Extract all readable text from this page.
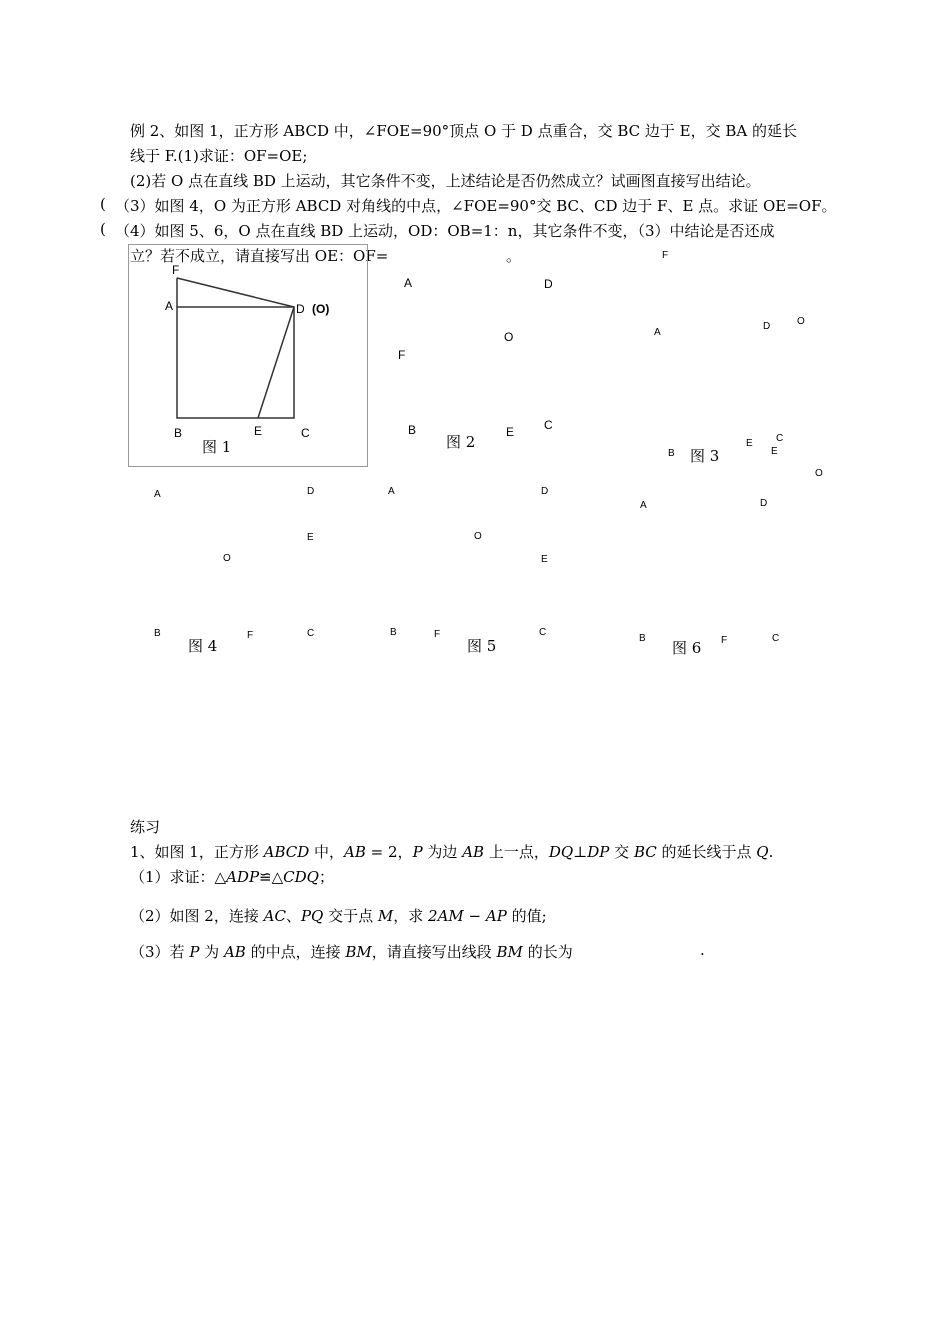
例 2、如图 1，正方形 ABCD 中，∠FOE=90°顶点 O 于 D 点重合，交 BC 边于 E，交 BA 的延长
线于 F.(1)求证：OF=OE;
(2)若 O 点在直线 BD 上运动，其它条件不变，上述结论是否仍然成立？试画图直接写出结论。
( （3）如图 4，O 为正方形 ABCD 对角线的中点，∠FOE=90°交 BC、CD 边于 F、E 点。求证 OE=OF。
( （4）如图 5、6，O 点在直线 BD 上运动，OD：OB=1：n，其它条件不变，（3）中结论是否还成
立？若不成立，请直接写出 OE：OF=	。
F
A	D (O)
B	E	C
图 1
A	D
O
F
B	E C
图 2
F
A
D	O
B
E C
E
图 3
A	D
E
O
B	F	C
图 4
A	D
O
E
B	F	C
图 5
O
A	D
B	F	C
图 6
练习
1、如图 1，正方形 ABCD 中，AB = 2，P 为边 AB 上一点，DQ⊥DP 交 BC 的延长线于点 Q.
（1）求证：△ADP≌△CDQ；
（2）如图 2，连接 AC、PQ 交于点 M，求 2AM − AP 的值;
（3）若 P 为 AB 的中点，连接 BM，请直接写出线段 BM 的长为	.
